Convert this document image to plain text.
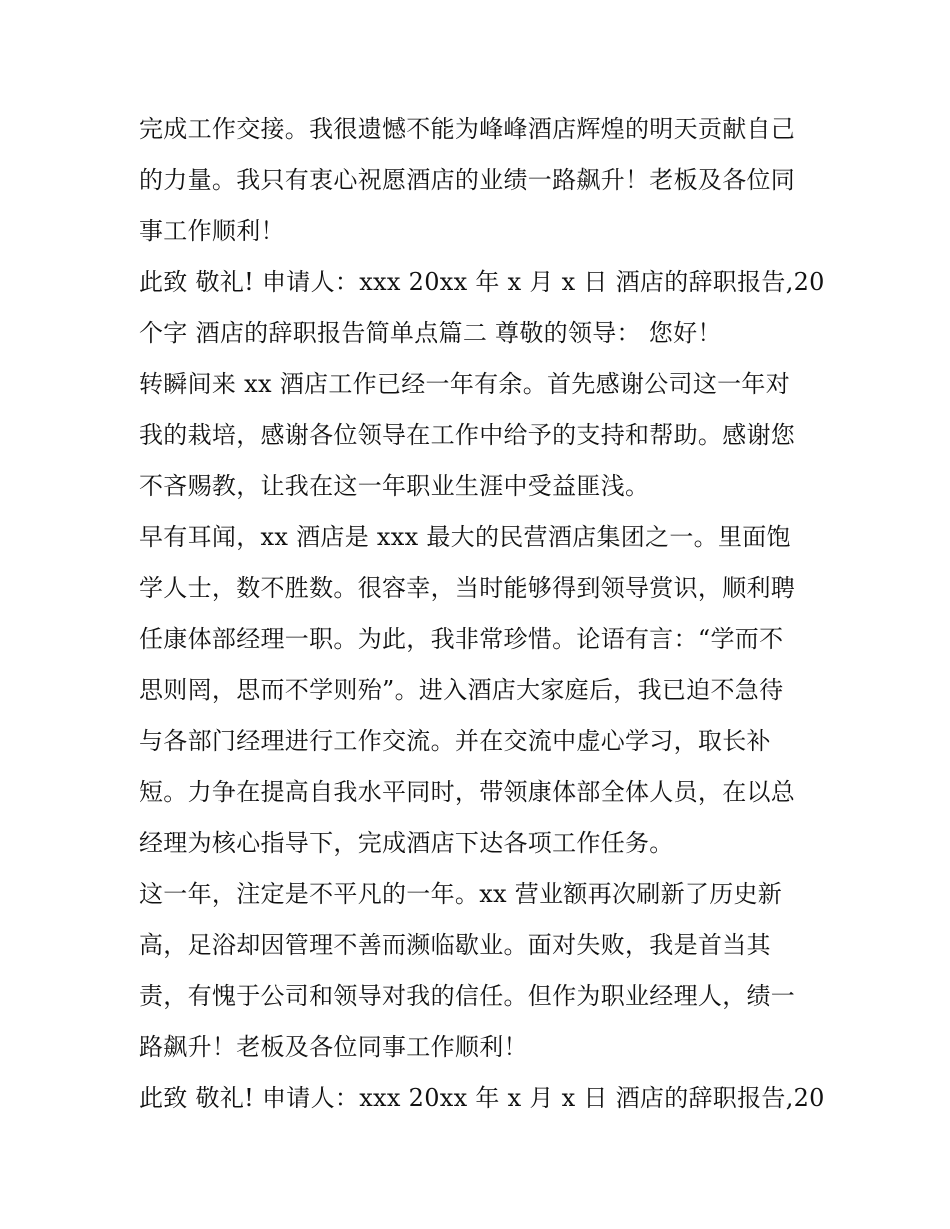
完成工作交接。我很遗憾不能为峰峰酒店辉煌的明天贡献自己
的力量。我只有衷心祝愿酒店的业绩一路飙升！老板及各位同
事工作顺利！
此致 敬礼! 申请人：xxx 20xx 年 x 月 x 日 酒店的辞职报告,20
个字 酒店的辞职报告简单点篇二 尊敬的领导： 您好！
转瞬间来 xx 酒店工作已经一年有余。首先感谢公司这一年对
我的栽培，感谢各位领导在工作中给予的支持和帮助。感谢您
不吝赐教，让我在这一年职业生涯中受益匪浅。
早有耳闻，xx 酒店是 xxx 最大的民营酒店集团之一。里面饱
学人士，数不胜数。很容幸，当时能够得到领导赏识，顺利聘
任康体部经理一职。为此，我非常珍惜。论语有言：“学而不
思则罔，思而不学则殆”。进入酒店大家庭后，我已迫不急待
与各部门经理进行工作交流。并在交流中虚心学习，取长补
短。力争在提高自我水平同时，带领康体部全体人员，在以总
经理为核心指导下，完成酒店下达各项工作任务。
这一年，注定是不平凡的一年。xx 营业额再次刷新了历史新
高，足浴却因管理不善而濒临歇业。面对失败，我是首当其
责，有愧于公司和领导对我的信任。但作为职业经理人，绩一
路飙升！老板及各位同事工作顺利！
此致 敬礼! 申请人：xxx 20xx 年 x 月 x 日 酒店的辞职报告,20
